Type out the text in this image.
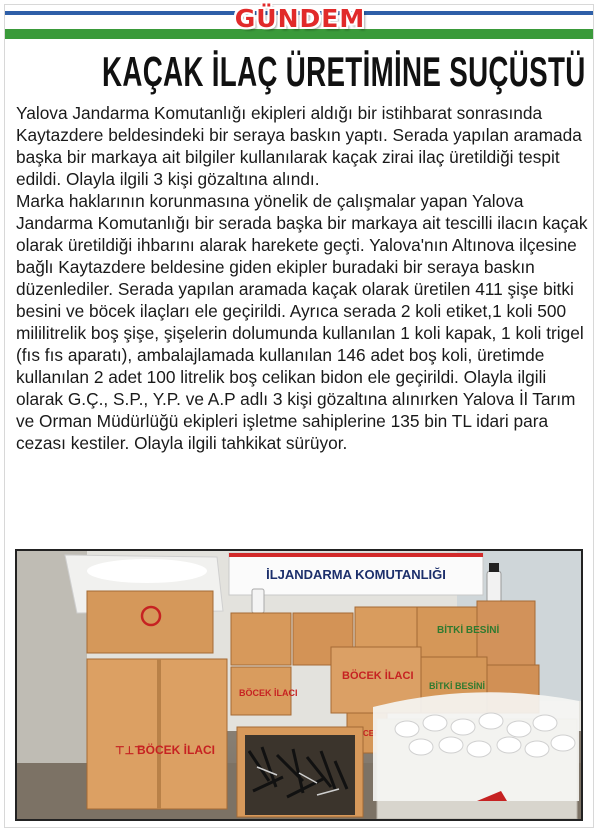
GÜNDEM
KAÇAK İLAÇ ÜRETİMİNE SUÇÜSTÜ

Yalova Jandarma Komutanlığı ekipleri aldığı bir istihbarat sonrasında Kaytazdere beldesindeki bir seraya baskın yaptı. Serada yapılan aramada başka bir markaya ait bilgiler kullanılarak kaçak zirai ilaç üretildiği tespit edildi. Olayla ilgili 3 kişi gözaltına alındı.

Marka haklarının korunmasına yönelik de çalışmalar yapan Yalova Jandarma Komutanlığı bir serada başka bir markaya ait tescilli ilacın kaçak olarak üretildiği ihbarını alarak harekete geçti. Yalova'nın Altınova ilçesine bağlı Kaytazdere beldesine giden ekipler buradaki bir seraya baskın düzenlediler. Serada yapılan aramada kaçak olarak üretilen 411 şişe bitki besini ve böcek ilaçları ele geçirildi. Ayrıca serada 2 koli etiket,1 koli 500 mililitrelik boş şişe, şişelerin dolumunda kullanılan 1 koli kapak, 1 koli trigel (fıs fıs aparatı), ambalajlamada kullanılan 146 adet boş koli, üretimde kullanılan 2 adet 100 litrelik boş celikan bidon ele geçirildi. Olayla ilgili olarak G.Ç., S.P., Y.P. ve A.P adlı 3 kişi gözaltına alınırken Yalova İl Tarım ve Orman Müdürlüğü ekipleri işletme sahiplerine 135 bin TL idari para cezası kestiler. Olayla ilgili tahkikat sürüyor.

İLJANDARMA KOMUTANLIĞI
⊤⊥⊤
BÖCEK İLACI
BİTKİ BESİNİ
BÖCEK İLACI
BİTKİ BESİNİ
BÖCEK İLACI
BÖCEK
